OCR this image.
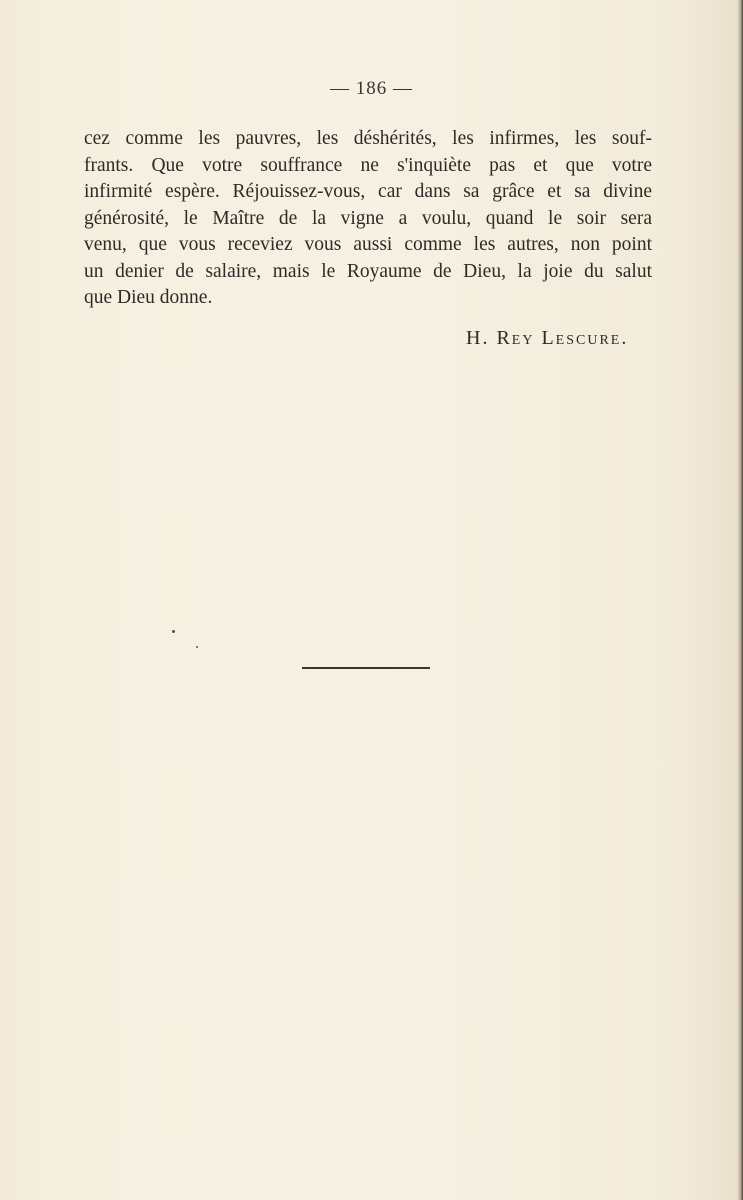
— 186 —
cez comme les pauvres, les déshérités, les infirmes, les souf-
frants. Que votre souffrance ne s'inquiète pas et que votre
infirmité espère. Réjouissez-vous, car dans sa grâce et sa divine
générosité, le Maître de la vigne a voulu, quand le soir sera
venu, que vous receviez vous aussi comme les autres, non point
un denier de salaire, mais le Royaume de Dieu, la joie du salut
que Dieu donne.
H. Rey Lescure.
